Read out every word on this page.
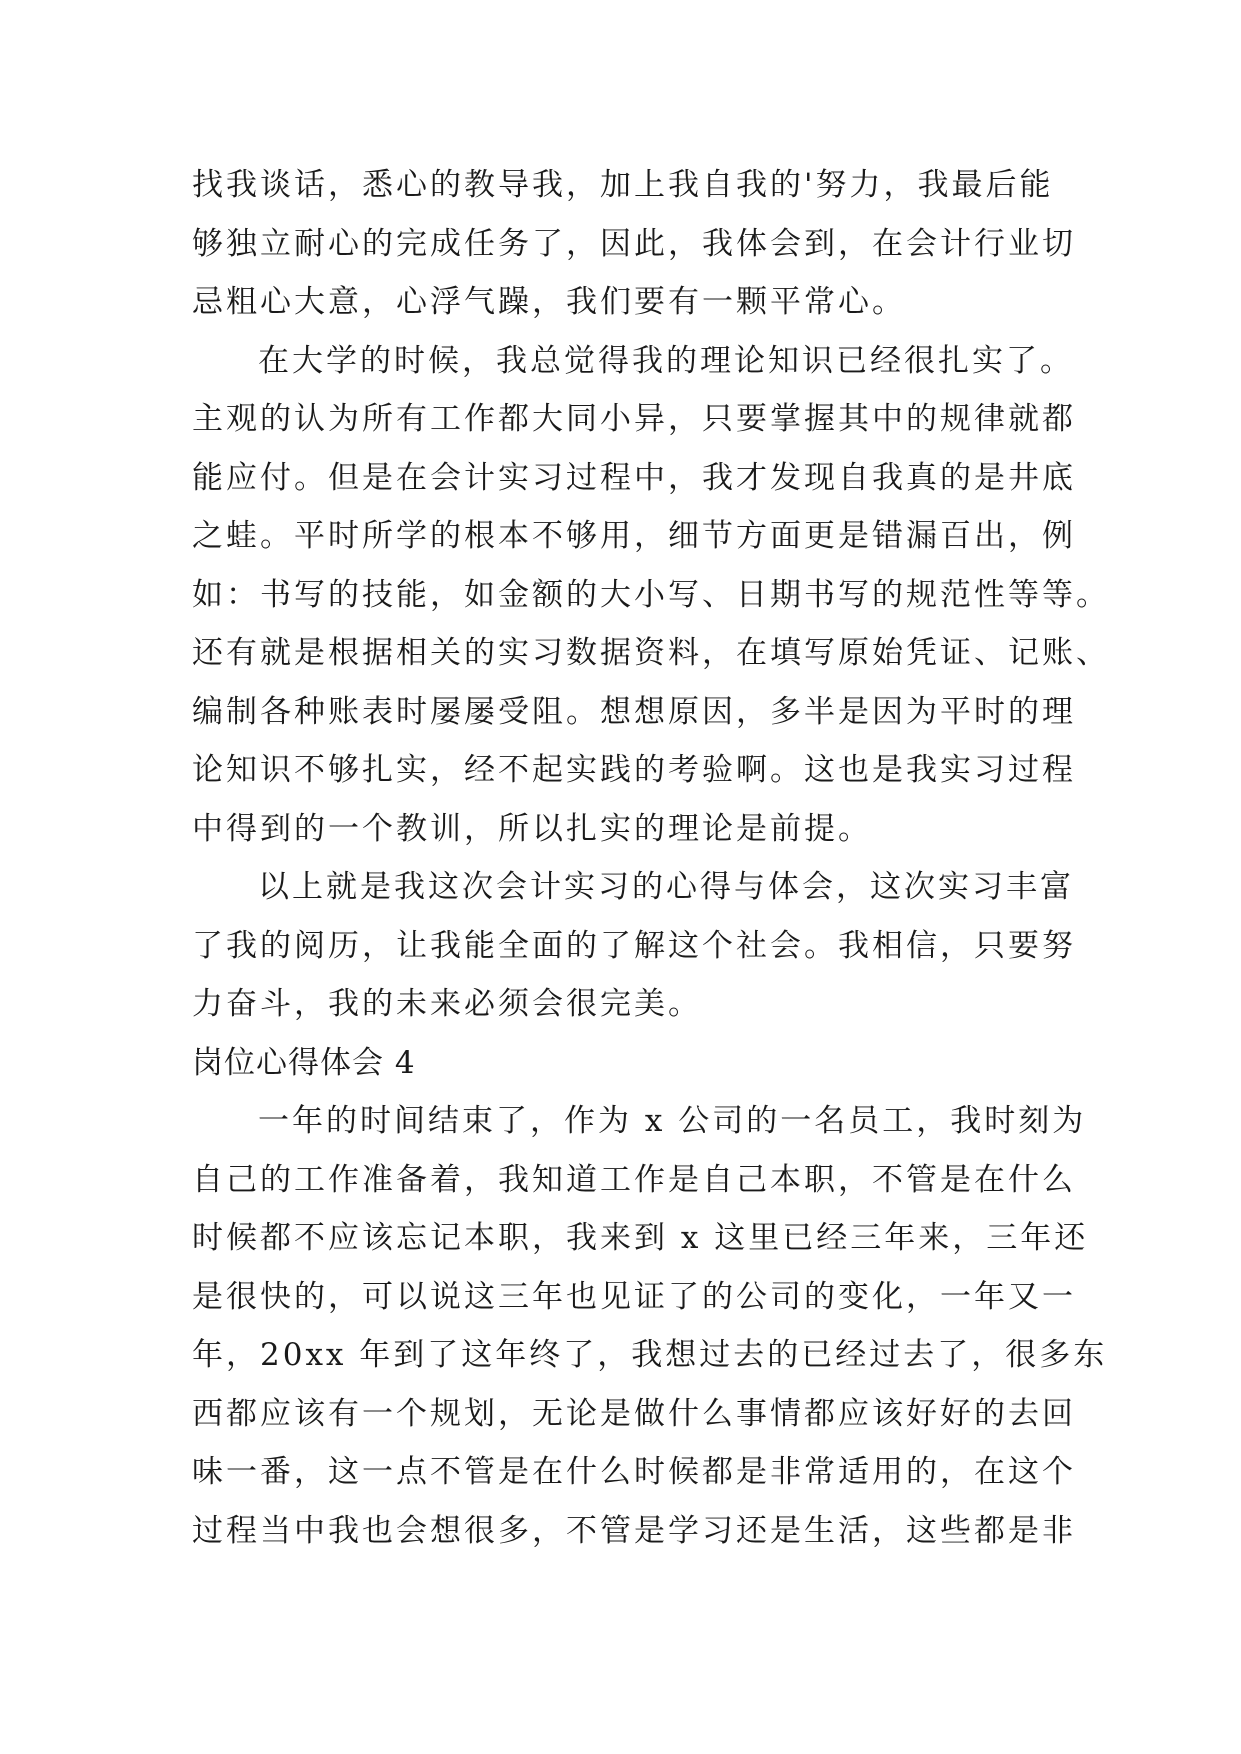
找我谈话，悉心的教导我，加上我自我的'努力，我最后能
够独立耐心的完成任务了，因此，我体会到，在会计行业切
忌粗心大意，心浮气躁，我们要有一颗平常心。
在大学的时候，我总觉得我的理论知识已经很扎实了。
主观的认为所有工作都大同小异，只要掌握其中的规律就都
能应付。但是在会计实习过程中，我才发现自我真的是井底
之蛙。平时所学的根本不够用，细节方面更是错漏百出，例
如：书写的技能，如金额的大小写、日期书写的规范性等等。
还有就是根据相关的实习数据资料，在填写原始凭证、记账、
编制各种账表时屡屡受阻。想想原因，多半是因为平时的理
论知识不够扎实，经不起实践的考验啊。这也是我实习过程
中得到的一个教训，所以扎实的理论是前提。
以上就是我这次会计实习的心得与体会，这次实习丰富
了我的阅历，让我能全面的了解这个社会。我相信，只要努
力奋斗，我的未来必须会很完美。
岗位心得体会 4
一年的时间结束了，作为 x 公司的一名员工，我时刻为
自己的工作准备着，我知道工作是自己本职，不管是在什么
时候都不应该忘记本职，我来到 x 这里已经三年来，三年还
是很快的，可以说这三年也见证了的公司的变化，一年又一
年，20xx 年到了这年终了，我想过去的已经过去了，很多东
西都应该有一个规划，无论是做什么事情都应该好好的去回
味一番，这一点不管是在什么时候都是非常适用的，在这个
过程当中我也会想很多，不管是学习还是生活，这些都是非
